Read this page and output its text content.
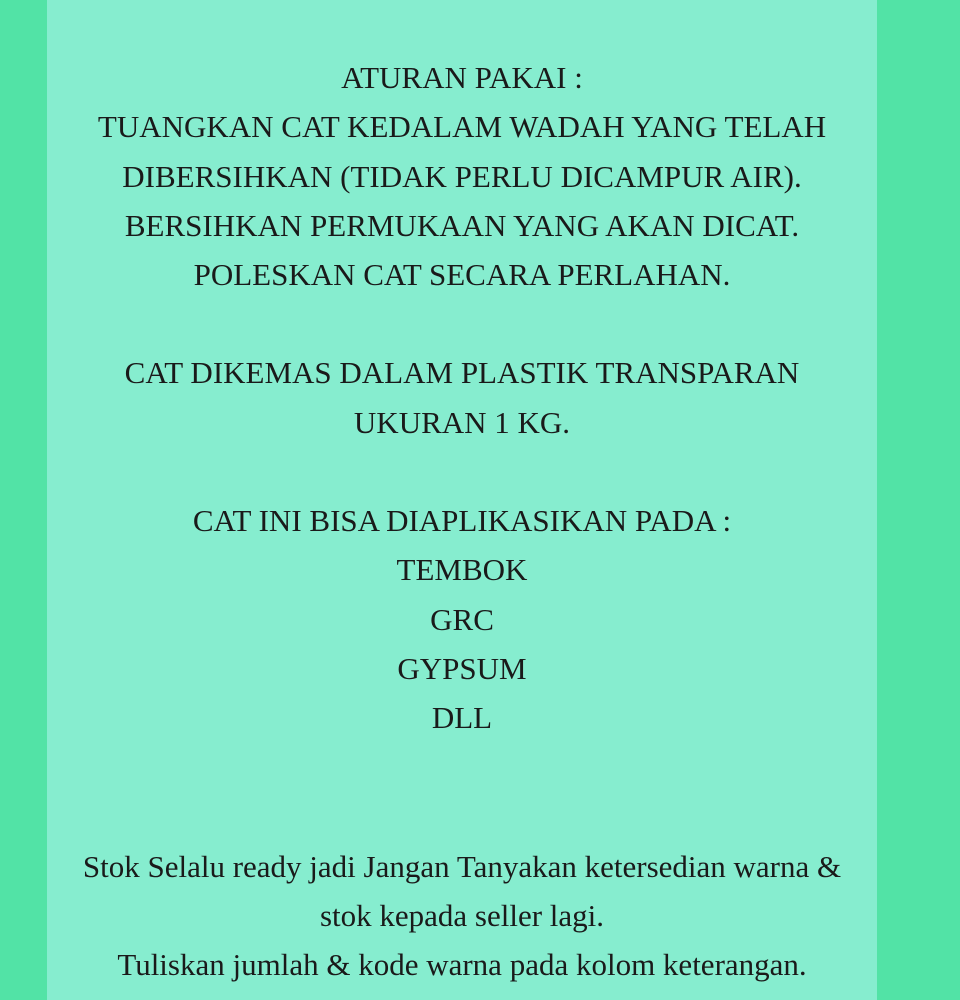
ATURAN PAKAI :
TUANGKAN CAT KEDALAM WADAH YANG TELAH
DIBERSIHKAN (TIDAK PERLU DICAMPUR AIR).
BERSIHKAN PERMUKAAN YANG AKAN DICAT.
POLESKAN CAT SECARA PERLAHAN.
CAT DIKEMAS DALAM PLASTIK TRANSPARAN
UKURAN 1 KG.
CAT INI BISA DIAPLIKASIKAN PADA :
TEMBOK
GRC
GYPSUM
DLL
Stok Selalu ready jadi Jangan Tanyakan ketersedian warna &
stok kepada seller lagi.
Tuliskan jumlah & kode warna pada kolom keterangan.
